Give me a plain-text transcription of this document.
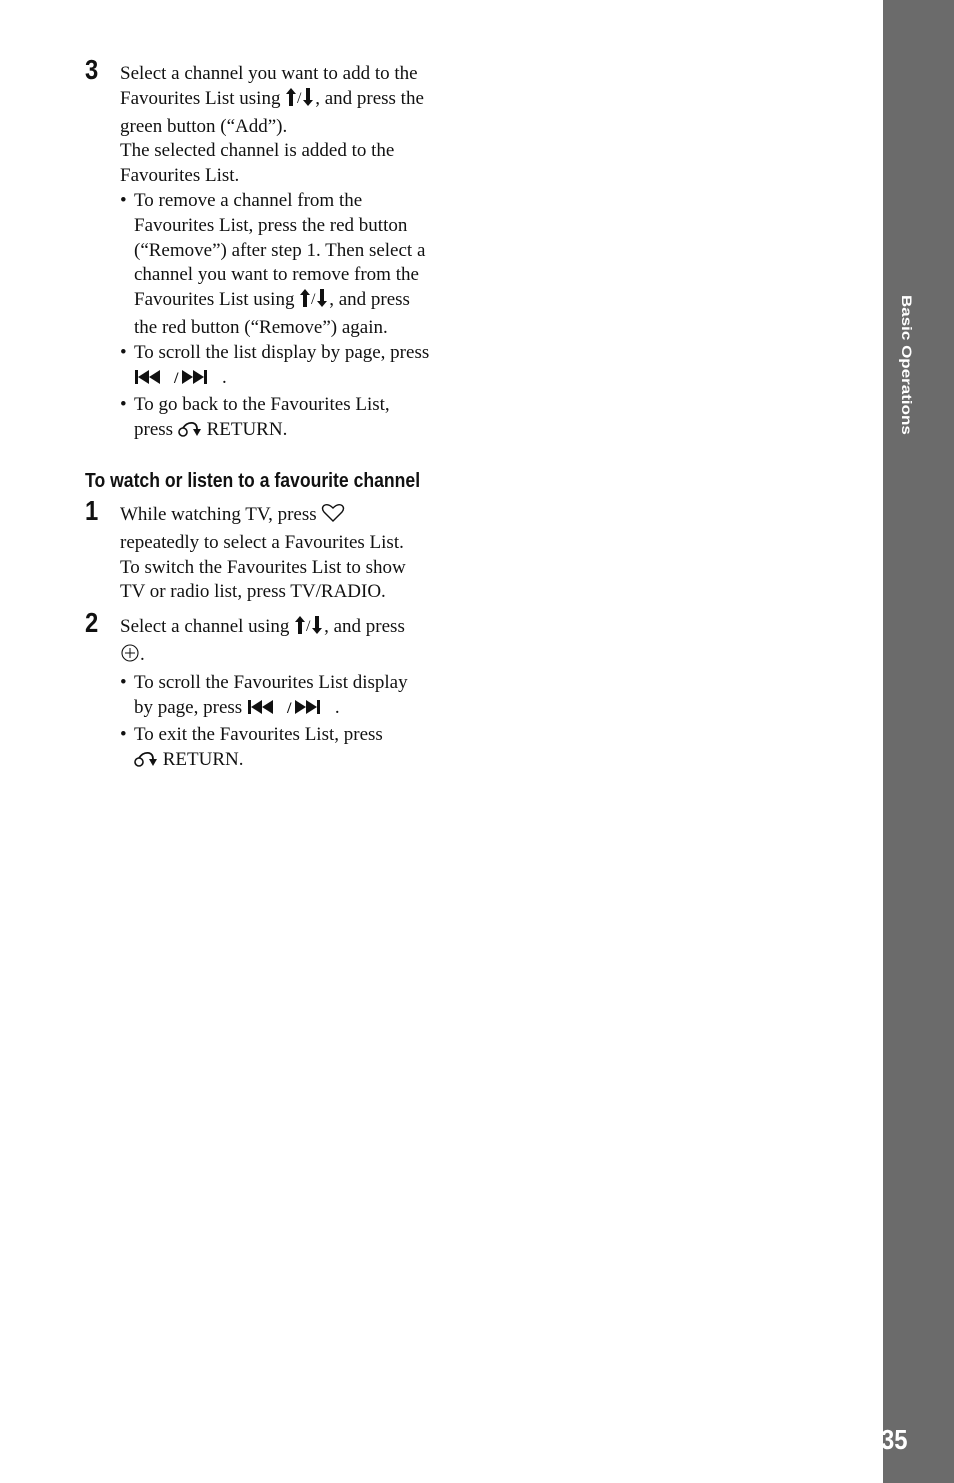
Basic Operations
35
3 Select a channel you want to add to the
Favourites List using / , and press the
green button (“Add”).
The selected channel is added to the
Favourites List.

• To remove a channel from the
Favourites List, press the red button
(“Remove”) after step 1. Then select a
channel you want to remove from the
Favourites List using / , and press
the red button (“Remove”) again.

• To scroll the list display by page, press

/ .

• To go back to the Favourites List,
press  RETURN.

To watch or listen to a favourite channel
1 While watching TV, press
repeatedly to select a Favourites List.
To switch the Favourites List to show
TV or radio list, press TV/RADIO.

2 Select a channel using / , and press
.

• To scroll the Favourites List display
by page, press	/ .

• To exit the Favourites List, press
RETURN.
